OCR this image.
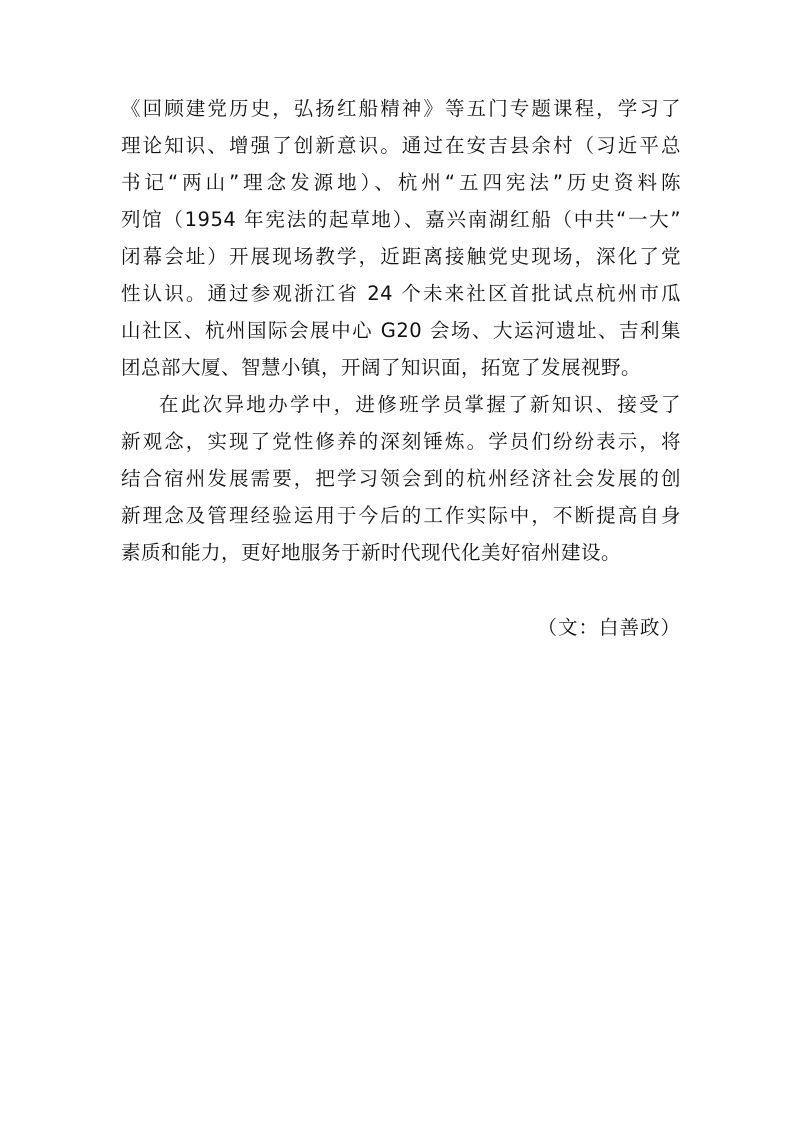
《回顾建党历史，弘扬红船精神》等五门专题课程，学习了
理论知识、增强了创新意识。通过在安吉县余村（习近平总
书记“两山”理念发源地）、杭州“五四宪法”历史资料陈
列馆（1954 年宪法的起草地）、嘉兴南湖红船（中共“一大”
闭幕会址）开展现场教学，近距离接触党史现场，深化了党
性认识。通过参观浙江省 24 个未来社区首批试点杭州市瓜
山社区、杭州国际会展中心 G20 会场、大运河遗址、吉利集
团总部大厦、智慧小镇，开阔了知识面，拓宽了发展视野。
在此次异地办学中，进修班学员掌握了新知识、接受了
新观念，实现了党性修养的深刻锤炼。学员们纷纷表示，将
结合宿州发展需要，把学习领会到的杭州经济社会发展的创
新理念及管理经验运用于今后的工作实际中，不断提高自身
素质和能力，更好地服务于新时代现代化美好宿州建设。
（文：白善政）
